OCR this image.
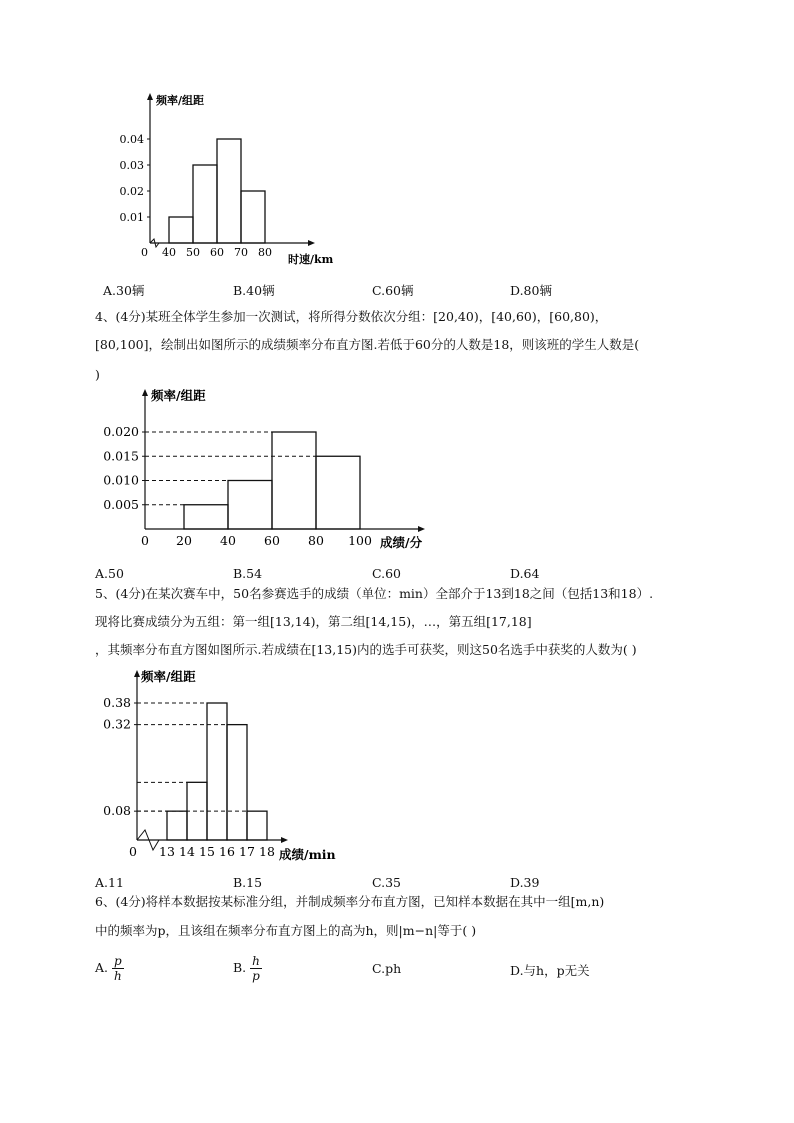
频率/组距
时速/km
0
0.01
0.02
0.03
0.04
40 50 60 70 80
A.30辆	B.40辆	C.60辆	D.80辆
4、(4分)某班全体学生参加一次测试，将所得分数依次分组：[20,40)，[40,60)，[60,80)，
[80,100]，绘制出如图所示的成绩频率分布直方图.若低于60分的人数是18，则该班的学生人数是(
)
频率/组距
成绩/分
0
0.005
0.010
0.015
0.020
20 40 60 80 100
A.50	B.54	C.60	D.64
5、(4分)在某次赛车中，50名参赛选手的成绩（单位：min）全部介于13到18之间（包括13和18）.
现将比赛成绩分为五组：第一组[13,14)，第二组[14,15)，…，第五组[17,18]
，其频率分布直方图如图所示.若成绩在[13,15)内的选手可获奖，则这50名选手中获奖的人数为( )
频率/组距
成绩/min
0
0.08
0.32
0.38
13 14 15 16 17 18
A.11	B.15	C.35	D.39
6、(4分)将样本数据按某标准分组，并制成频率分布直方图，已知样本数据在其中一组[m,n)
中的频率为p，且该组在频率分布直方图上的高为h，则|m−n|等于( )
A. $\frac{p}{h}$	B. $\frac{h}{p}$	C.ph	D.与h，p无关
